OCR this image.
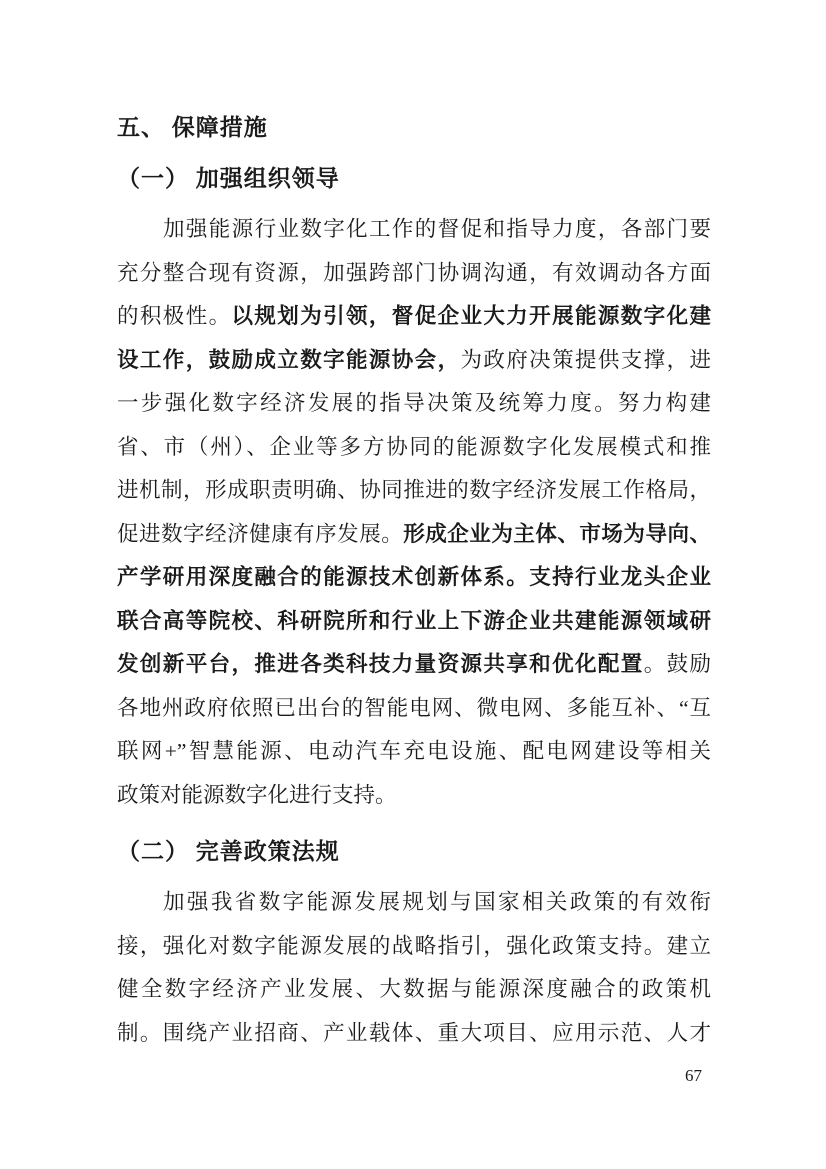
五、 保障措施
（一） 加强组织领导
加强能源行业数字化工作的督促和指导力度，各部门要
充分整合现有资源，加强跨部门协调沟通，有效调动各方面
的积极性。以规划为引领，督促企业大力开展能源数字化建
设工作，鼓励成立数字能源协会，为政府决策提供支撑，进
一步强化数字经济发展的指导决策及统筹力度。努力构建
省、市（州）、企业等多方协同的能源数字化发展模式和推
进机制，形成职责明确、协同推进的数字经济发展工作格局，
促进数字经济健康有序发展。形成企业为主体、市场为导向、
产学研用深度融合的能源技术创新体系。支持行业龙头企业
联合高等院校、科研院所和行业上下游企业共建能源领域研
发创新平台，推进各类科技力量资源共享和优化配置。鼓励
各地州政府依照已出台的智能电网、微电网、多能互补、“互
联网+”智慧能源、电动汽车充电设施、配电网建设等相关
政策对能源数字化进行支持。
（二） 完善政策法规
加强我省数字能源发展规划与国家相关政策的有效衔
接，强化对数字能源发展的战略指引，强化政策支持。建立
健全数字经济产业发展、大数据与能源深度融合的政策机
制。围绕产业招商、产业载体、重大项目、应用示范、人才
67
